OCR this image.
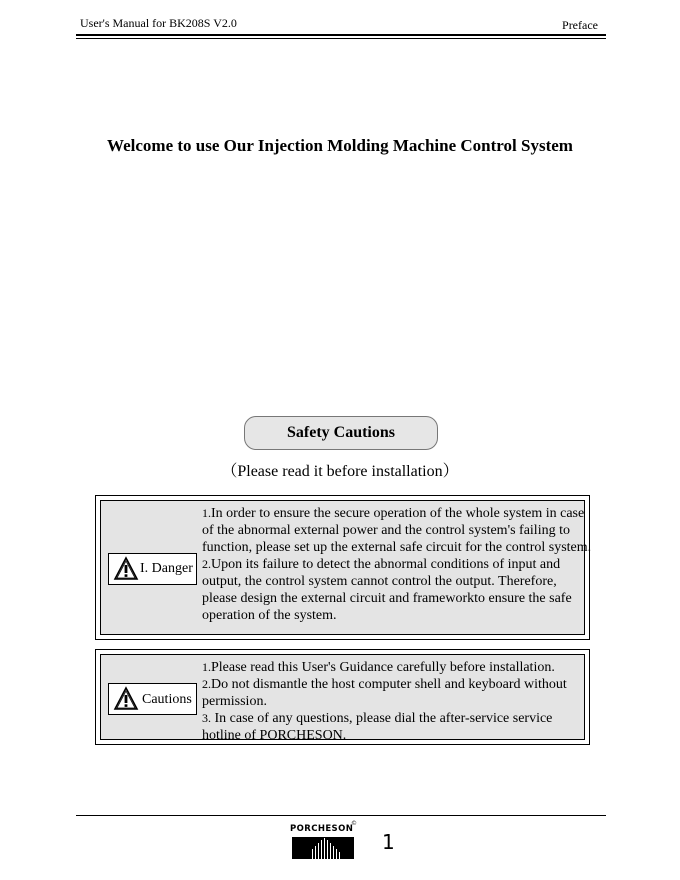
User's Manual for BK208S V2.0	Preface
Welcome to use Our Injection Molding Machine Control System
Safety Cautions
（Please read it before installation）
I. Danger
1.In order to ensure the secure operation of the whole system in case of the abnormal external power and the control system's failing to function, please set up the external safe circuit for the control system.
2.Upon its failure to detect the abnormal conditions of input and output, the control system cannot control the output. Therefore, please design the external circuit and frameworkto ensure the safe operation of the system.
Cautions
1.Please read this User's Guidance carefully before installation.
2.Do not dismantle the host computer shell and keyboard without permission.
3. In case of any questions, please dial the after-service service hotline of PORCHESON.
PORCHESON
©
1
